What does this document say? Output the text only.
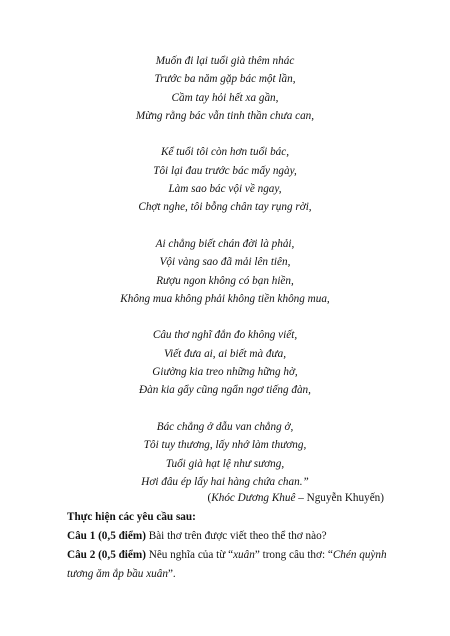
Muốn đi lại tuổi già thêm nhác
Trước ba năm gặp bác một lần,
Cầm tay hỏi hết xa gần,
Mừng rằng bác vẫn tinh thần chưa can,
Kể tuổi tôi còn hơn tuổi bác,
Tôi lại đau trước bác mấy ngày,
Làm sao bác vội về ngay,
Chợt nghe, tôi bỗng chân tay rụng rời,
Ai chẳng biết chán đời là phải,
Vội vàng sao đã mải lên tiên,
Rượu ngon không có bạn hiền,
Không mua không phải không tiền không mua,
Câu thơ nghĩ đắn đo không viết,
Viết đưa ai, ai biết mà đưa,
Giường kia treo những hững hờ,
Đàn kia gẩy cũng ngẩn ngơ tiếng đàn,
Bác chẳng ở dẫu van chẳng ở,
Tôi tuy thương, lấy nhớ làm thương,
Tuổi già hạt lệ như sương,
Hơi đâu ép lấy hai hàng chứa chan.”
(Khóc Dương Khuê – Nguyễn Khuyến)

Thực hiện các yêu cầu sau:

Câu 1 (0,5 điểm) Bài thơ trên được viết theo thể thơ nào?

Câu 2 (0,5 điểm) Nêu nghĩa của từ “xuân” trong câu thơ: “Chén quỳnh tương ăm ắp bầu xuân”.
